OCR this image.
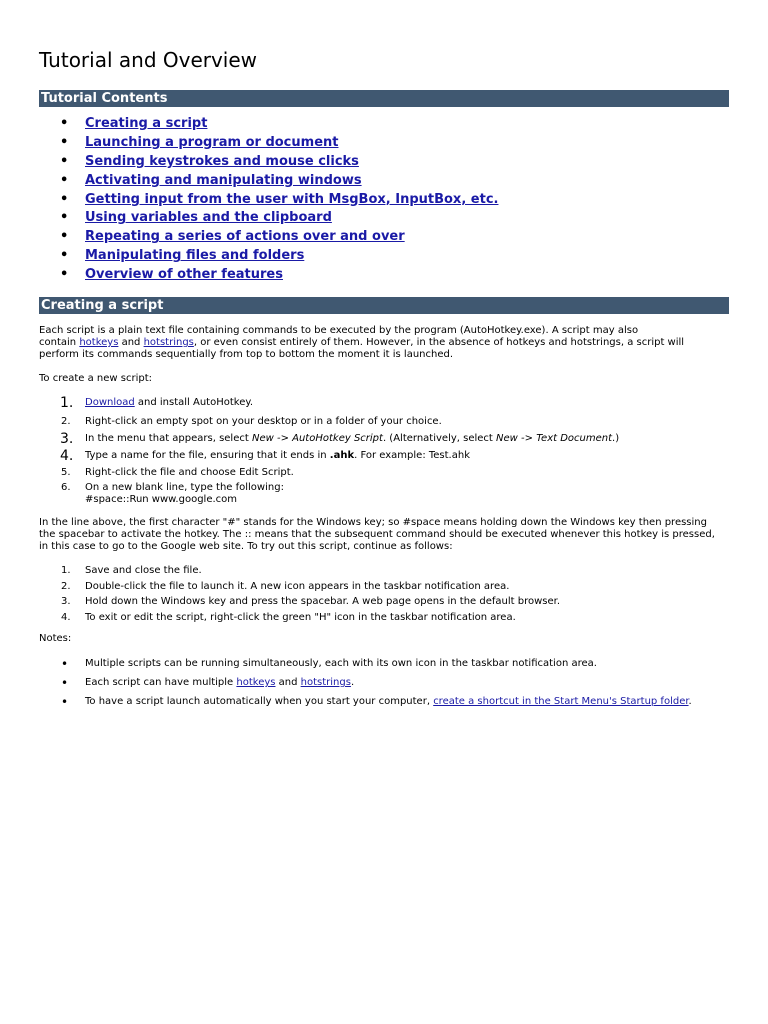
Tutorial and Overview
Tutorial Contents
• Creating a script
• Launching a program or document
• Sending keystrokes and mouse clicks
• Activating and manipulating windows
• Getting input from the user with MsgBox, InputBox, etc.
• Using variables and the clipboard
• Repeating a series of actions over and over
• Manipulating files and folders
• Overview of other features
Creating a script
Each script is a plain text file containing commands to be executed by the program (AutoHotkey.exe). A script may also
contain hotkeys and hotstrings, or even consist entirely of them. However, in the absence of hotkeys and hotstrings, a script will
perform its commands sequentially from top to bottom the moment it is launched.
To create a new script:
1. Download and install AutoHotkey.
2. Right-click an empty spot on your desktop or in a folder of your choice.
3. In the menu that appears, select New -> AutoHotkey Script. (Alternatively, select New -> Text Document.)
4. Type a name for the file, ensuring that it ends in .ahk. For example: Test.ahk
5. Right-click the file and choose Edit Script.
6. On a new blank line, type the following:
#space::Run www.google.com
In the line above, the first character "#" stands for the Windows key; so #space means holding down the Windows key then pressing
the spacebar to activate the hotkey. The :: means that the subsequent command should be executed whenever this hotkey is pressed,
in this case to go to the Google web site. To try out this script, continue as follows:
1. Save and close the file.
2. Double-click the file to launch it. A new icon appears in the taskbar notification area.
3. Hold down the Windows key and press the spacebar. A web page opens in the default browser.
4. To exit or edit the script, right-click the green "H" icon in the taskbar notification area.
Notes:
• Multiple scripts can be running simultaneously, each with its own icon in the taskbar notification area.
• Each script can have multiple hotkeys and hotstrings.
• To have a script launch automatically when you start your computer, create a shortcut in the Start Menu's Startup folder.
